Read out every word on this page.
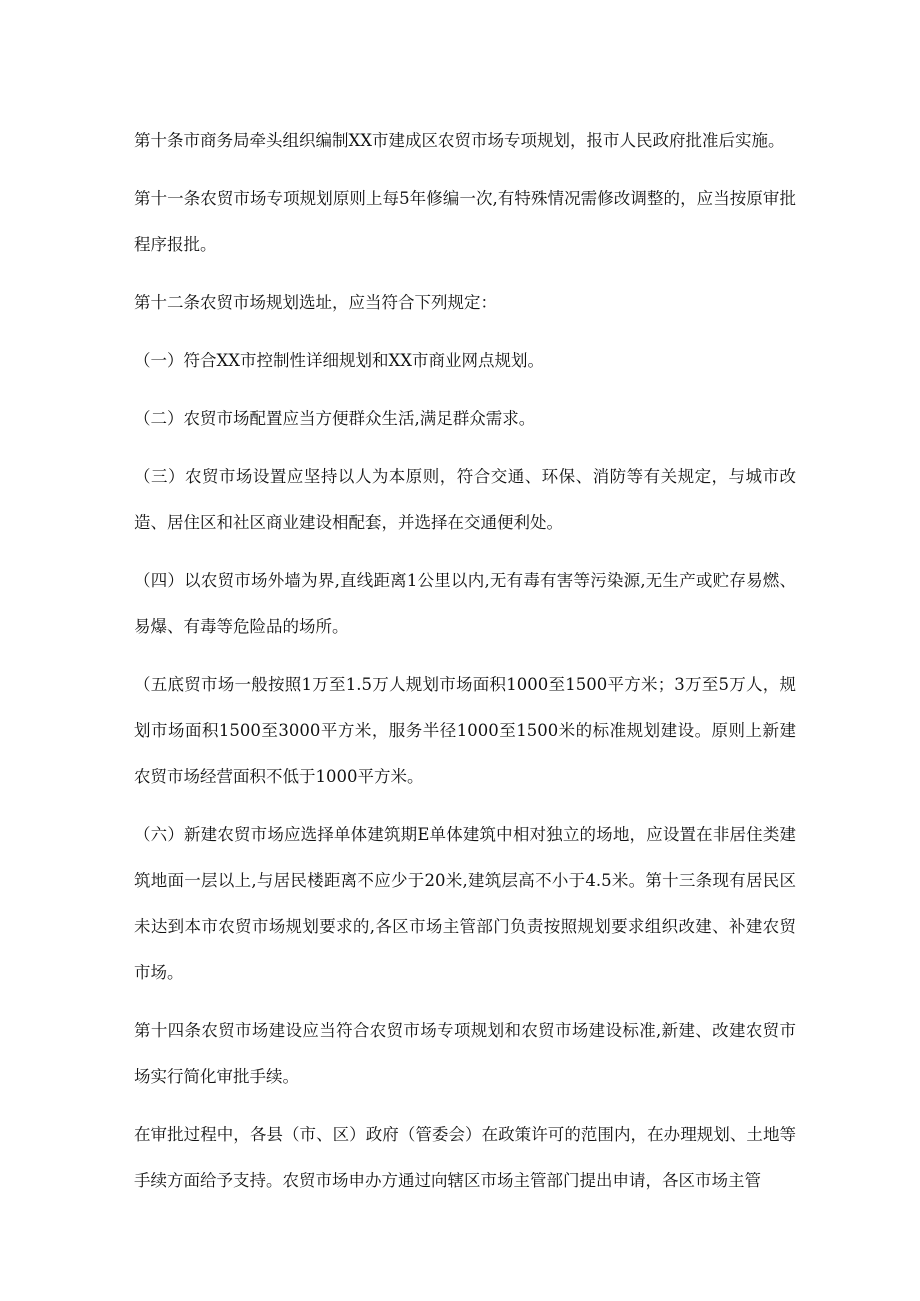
第十条市商务局牵头组织编制XX市建成区农贸市场专项规划，报市人民政府批准后实施。

第十一条农贸市场专项规划原则上每5年修编一次,有特殊情况需修改调整的，应当按原审批程序报批。

第十二条农贸市场规划选址，应当符合下列规定：

（一）符合XX市控制性详细规划和XX市商业网点规划。

（二）农贸市场配置应当方便群众生活,满足群众需求。

（三）农贸市场设置应坚持以人为本原则，符合交通、环保、消防等有关规定，与城市改造、居住区和社区商业建设相配套，并选择在交通便利处。

（四）以农贸市场外墙为界,直线距离1公里以内,无有毒有害等污染源,无生产或贮存易燃、易爆、有毒等危险品的场所。

（五底贸市场一般按照1万至1.5万人规划市场面积1000至1500平方米；3万至5万人，规划市场面积1500至3000平方米，服务半径1000至1500米的标准规划建设。原则上新建农贸市场经营面积不低于1000平方米。

（六）新建农贸市场应选择单体建筑期E单体建筑中相对独立的场地，应设置在非居住类建筑地面一层以上,与居民楼距离不应少于20米,建筑层高不小于4.5米。第十三条现有居民区未达到本市农贸市场规划要求的,各区市场主管部门负责按照规划要求组织改建、补建农贸市场。

第十四条农贸市场建设应当符合农贸市场专项规划和农贸市场建设标准,新建、改建农贸市场实行简化审批手续。

在审批过程中，各县（市、区）政府（管委会）在政策许可的范围内，在办理规划、土地等手续方面给予支持。农贸市场申办方通过向辖区市场主管部门提出申请，各区市场主管
